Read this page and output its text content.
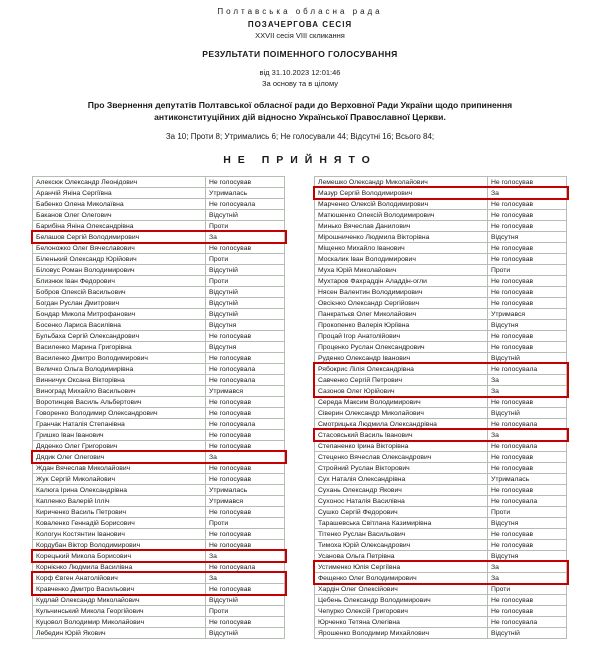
Полтавська обласна рада
ПОЗАЧЕРГОВА СЕСІЯ
XXVII сесія VIII скликання
РЕЗУЛЬТАТИ ПОІМЕННОГО ГОЛОСУВАННЯ
від 31.10.2023 12:01:46
За основу та в цілому
Про Звернення депутатів Полтавської обласної ради до Верховної Ради України щодо припинення антиконституційних дій відносно Української Православної Церкви.
За 10; Проти 8; Утримались 6; Не голосували 44; Відсутні 16; Всього 84;
НЕ ПРИЙНЯТО
Алексюк Олександр Леонідович	Не голосував
Аранчій Яніна Сергіївна	Утрималась
Бабенко Олена Миколаївна	Не голосувала
Баканов Олег Олегович	Відсутній
Барибіна Яніна Олександрівна	Проти
Белашов Сергій Володимирович	За
Белоножко Олег Вячеславович	Не голосував
Біленький Олександр Юрійович	Проти
Біловус Роман Володимирович	Відсутній
Близнюк Іван Федорович	Проти
Бобров Олексій Васильович	Відсутній
Богдан Руслан Дмитрович	Відсутній
Бондар Микола Митрофанович	Відсутній
Босенко Лариса Василівна	Відсутня
Бульбаха Сергій Олександрович	Не голосував
Василенко Марина Григорівна	Відсутня
Василенко Дмитро Володимирович	Не голосував
Величко Ольга Володимирівна	Не голосувала
Винничук Оксана Вікторівна	Не голосувала
Виноград Михайло Васильович	Утримався
Воротинцев Василь Альбертович	Не голосував
Говоренко Володимир Олександрович	Не голосував
Гранчак Наталія Степанівна	Не голосувала
Гришко Іван Іванович	Не голосував
Дяденко Олег Григорович	Не голосував
Дядик Олег Олегович	За
Ждан Вячеслав Миколайович	Не голосував
Жук Сергій Миколайович	Не голосував
Калюга Ірина Олександрівна	Утрималась
Капленко Валерій Ілліч	Утримався
Кириченко Василь Петрович	Не голосував
Коваленко Геннадій Борисович	Проти
Кологун Костянтин Іванович	Не голосував
Кордубан Віктор Володимирович	Не голосував
Корецький Микола Борисович	За
Корнієнко Людмила Василівна	Не голосувала
Корф Євген Анатолійович	За
Кравченко Дмитро Васильович	Не голосував
Кудлай Олександр Миколайович	Відсутній
Кульчинський Микола Георгійович	Проти
Куцовол Володимир Миколайович	Не голосував
Лебедин Юрій Якович	Відсутній
Лемешко Олександр Миколайович	Не голосував
Мазур Сергій Володимирович	За
Марченко Олексій Володимирович	Не голосував
Матюшенко Олексій Володимирович	Не голосував
Минько Вячеслав Данилович	Не голосував
Мірошниченко Людмила Вікторівна	Відсутня
Міщенко Михайло Іванович	Не голосував
Москалик Іван Володимирович	Не голосував
Муха Юрій Миколайович	Проти
Мухтаров Фахраддін Аладдін-огли	Не голосував
Нясен Валентин Володимирович	Не голосував
Овсієнко Олександр Сергійович	Не голосував
Панкратьєв Олег Миколайович	Утримався
Прокопенко Валерія Юріївна	Відсутня
Процай Ігор Анатолійович	Не голосував
Проценко Руслан Олександрович	Не голосував
Руденко Олександр Іванович	Відсутній
Рябокрис Лілія Олександрівна	Не голосувала
Савченко Сергій Петрович	За
Сазонов Олег Юрійович	За
Середа Максим Володимирович	Не голосував
Сіверин Олександр Миколайович	Відсутній
Смотрицька Людмила Олександрівна	Не голосувала
Стасовський Василь Іванович	За
Степаненко Ірина Вікторівна	Не голосувала
Стеценко Вячеслав Олександрович	Не голосував
Стройний Руслан Вікторович	Не голосував
Сух Наталія Олександрівна	Утрималась
Сухань Олександр Якович	Не голосував
Сухонос Наталія Василівна	Не голосувала
Сушко Сергій Федорович	Проти
Тарашевська Світлана Казимирівна	Відсутня
Тітенко Руслан Васильович	Не голосував
Тимоха Юрій Олександрович	Не голосував
Усанова Ольга Петрівна	Відсутня
Устименко Юлія Сергіївна	За
Фещенко Олег Володимирович	За
Хардін Олег Олексійович	Проти
Цебень Олександр Володимирович	Не голосував
Чепурко Олексій Григорович	Не голосував
Юрченко Тетяна Олегівна	Не голосувала
Ярошенко Володимир Михайлович	Відсутній
